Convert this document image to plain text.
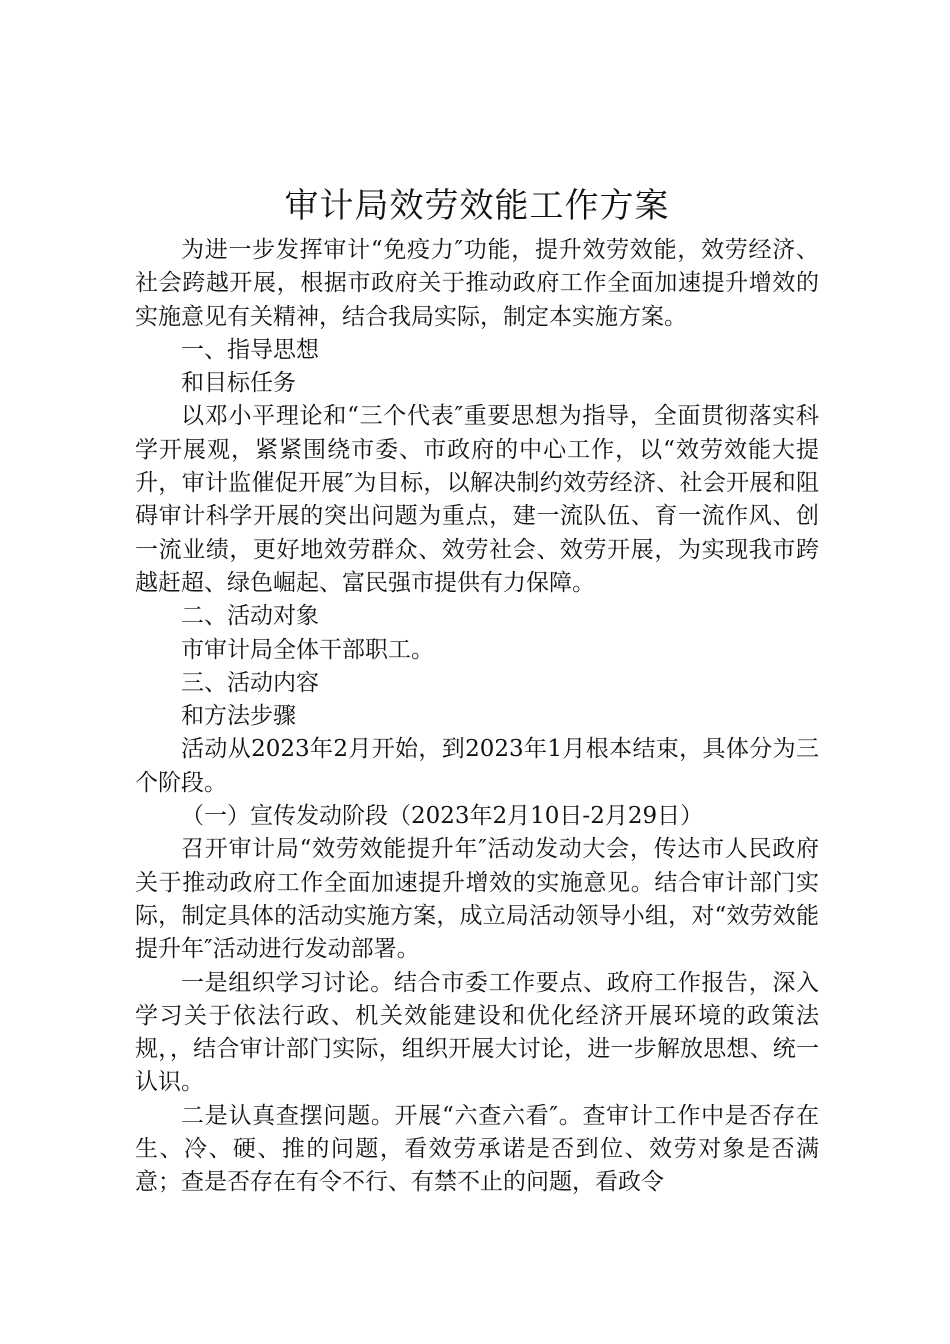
审计局效劳效能工作方案

为进一步发挥审计“免疫力″功能，提升效劳效能，效劳经济、社会跨越开展，根据市政府关于推动政府工作全面加速提升增效的实施意见有关精神，结合我局实际，制定本实施方案。

一、指导思想

和目标任务

以邓小平理论和“三个代表″重要思想为指导，全面贯彻落实科学开展观，紧紧围绕市委、市政府的中心工作，以“效劳效能大提升，审计监催促开展″为目标，以解决制约效劳经济、社会开展和阻碍审计科学开展的突出问题为重点，建一流队伍、育一流作风、创一流业绩，更好地效劳群众、效劳社会、效劳开展，为实现我市跨越赶超、绿色崛起、富民强市提供有力保障。

二、活动对象

市审计局全体干部职工。

三、活动内容

和方法步骤

活动从2023年2月开始，到2023年1月根本结束，具体分为三个阶段。

（一）宣传发动阶段（2023年2月10日-2月29日）

召开审计局“效劳效能提升年″活动发动大会，传达市人民政府关于推动政府工作全面加速提升增效的实施意见。结合审计部门实际，制定具体的活动实施方案，成立局活动领导小组，对“效劳效能提升年″活动进行发动部署。

一是组织学习讨论。结合市委工作要点、政府工作报告，深入学习关于依法行政、机关效能建设和优化经济开展环境的政策法规，，结合审计部门实际，组织开展大讨论，进一步解放思想、统一认识。

二是认真查摆问题。开展“六查六看″。查审计工作中是否存在生、冷、硬、推的问题，看效劳承诺是否到位、效劳对象是否满意；查是否存在有令不行、有禁不止的问题，看政令
